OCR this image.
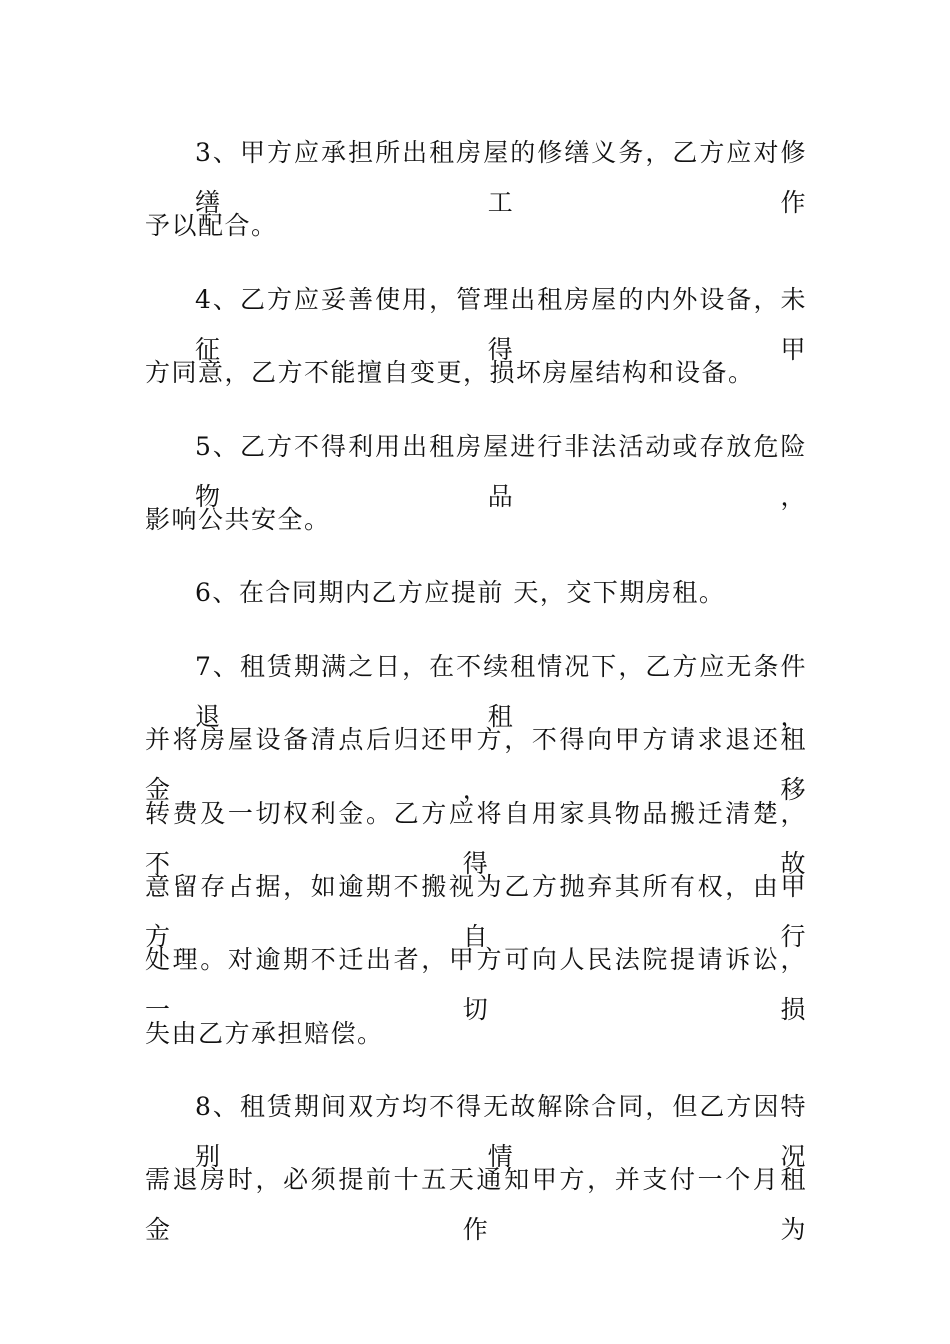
3、甲方应承担所出租房屋的修缮义务，乙方应对修缮工作
予以配合。
4、乙方应妥善使用，管理出租房屋的内外设备，未征得甲
方同意，乙方不能擅自变更，损坏房屋结构和设备。
5、乙方不得利用出租房屋进行非法活动或存放危险物品，
影响公共安全。
6、在合同期内乙方应提前 天，交下期房租。
7、租赁期满之日，在不续租情况下，乙方应无条件退租，
并将房屋设备清点后归还甲方，不得向甲方请求退还租金，移
转费及一切权利金。乙方应将自用家具物品搬迁清楚，不得故
意留存占据，如逾期不搬视为乙方抛弃其所有权，由甲方自行
处理。对逾期不迁出者，甲方可向人民法院提请诉讼，一切损
失由乙方承担赔偿。
8、租赁期间双方均不得无故解除合同，但乙方因特别情况
需退房时，必须提前十五天通知甲方，并支付一个月租金作为
